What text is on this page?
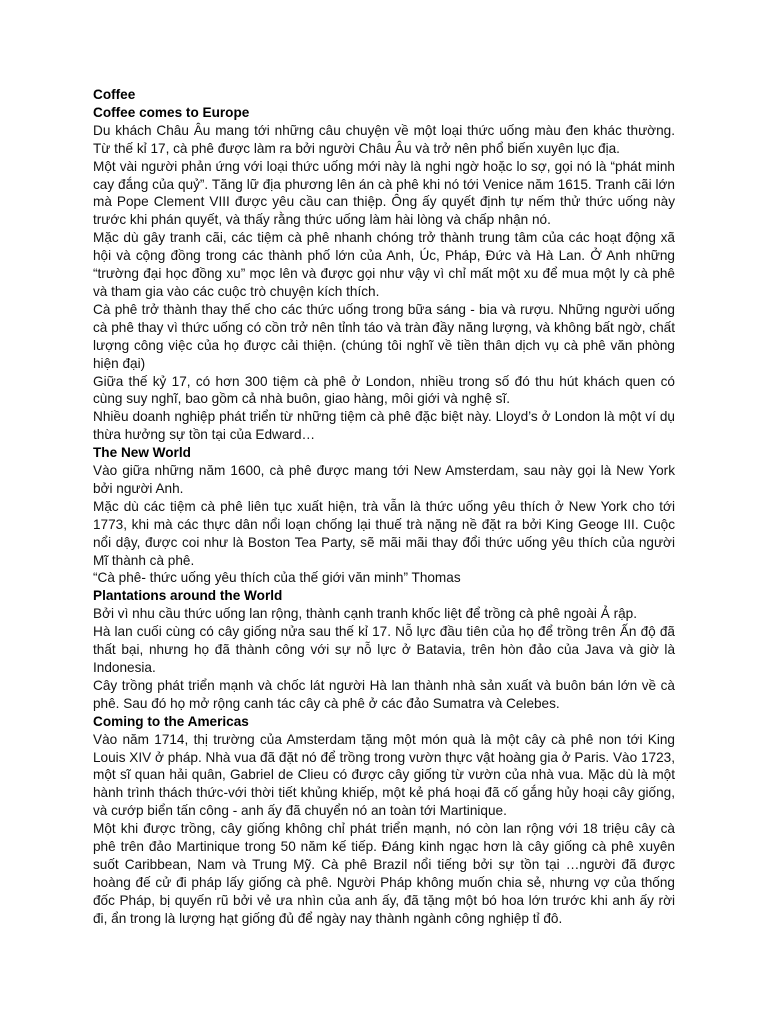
Coffee
Coffee comes to Europe

Du khách Châu Âu mang tới những câu chuyện về một loại thức uống màu đen khác thường. Từ thế kỉ 17, cà phê được làm ra bởi người Châu Âu và trở nên phổ biến xuyên lục địa.

Một vài người phản ứng với loại thức uống mới này là nghi ngờ hoặc lo sợ, gọi nó là “phát minh cay đắng của quỷ”. Tăng lữ địa phương lên án cà phê khi nó tới Venice năm 1615. Tranh cãi lớn mà Pope Clement VIII được yêu cầu can thiệp. Ông ấy quyết định tự nếm thử thức uống này trước khi phán quyết, và thấy rằng thức uống làm hài lòng và chấp nhận nó.

Mặc dù gây tranh cãi, các tiệm cà phê nhanh chóng trở thành trung tâm của các hoạt động xã hội và cộng đồng trong các thành phố lớn của Anh, Úc, Pháp, Đức và Hà Lan. Ở Anh những “trường đại học đồng xu” mọc lên và được gọi như vậy vì chỉ mất một xu để mua một ly cà phê và tham gia vào các cuộc trò chuyện kích thích.

Cà phê trở thành thay thế cho các thức uống trong bữa sáng - bia và rượu. Những người uống cà phê thay vì thức uống có cồn trở nên tỉnh táo và tràn đầy năng lượng, và không bất ngờ, chất lượng công việc của họ được cải thiện. (chúng tôi nghĩ về tiền thân dịch vụ cà phê văn phòng hiện đại)

Giữa thế kỷ 17, có hơn 300 tiệm cà phê ở London, nhiều trong số đó thu hút khách quen có cùng suy nghĩ, bao gồm cả nhà buôn, giao hàng, môi giới và nghệ sĩ.

Nhiều doanh nghiệp phát triển từ những tiệm cà phê đặc biệt này. Lloyd’s ở London là một ví dụ thừa hưởng sự tồn tại của Edward…

The New World

Vào giữa những năm 1600, cà phê được mang tới New Amsterdam, sau này gọi là New York bởi người Anh.

Mặc dù các tiệm cà phê liên tục xuất hiện, trà vẫn là thức uống yêu thích ở New York cho tới 1773, khi mà các thực dân nổi loạn chống lại thuế trà nặng nề đặt ra bởi King Geoge III. Cuộc nổi dậy, được coi như là Boston Tea Party, sẽ mãi mãi thay đổi thức uống yêu thích của người Mĩ thành cà phê.

“Cà phê- thức uống yêu thích của thế giới văn minh” Thomas

Plantations around the World

Bởi vì nhu cầu thức uống lan rộng, thành cạnh tranh khốc liệt để trồng cà phê ngoài Ả rập.

Hà lan cuối cùng có cây giống nửa sau thế kỉ 17. Nỗ lực đầu tiên của họ để trồng trên Ấn độ đã thất bại, nhưng họ đã thành công với sự nỗ lực ở Batavia, trên hòn đảo của Java và giờ là Indonesia.

Cây trồng phát triển mạnh và chốc lát người Hà lan thành nhà sản xuất và buôn bán lớn về cà phê. Sau đó họ mở rộng canh tác cây cà phê ở các đảo Sumatra và Celebes.

Coming to the Americas

Vào năm 1714, thị trường của Amsterdam tặng một món quà là một cây cà phê non tới King Louis XIV ở pháp. Nhà vua đã đặt nó để trồng trong vườn thực vật hoàng gia ở Paris. Vào 1723, một sĩ quan hải quân, Gabriel de Clieu có được cây giống từ vườn của nhà vua. Mặc dù là một hành trình thách thức-với thời tiết khủng khiếp, một kẻ phá hoại đã cố gắng hủy hoại cây giống, và cướp biển tấn công - anh ấy đã chuyển nó an toàn tới Martinique.

Một khi được trồng, cây giống không chỉ phát triển mạnh, nó còn lan rộng với 18 triệu cây cà phê trên đảo Martinique trong 50 năm kế tiếp. Đáng kinh ngạc hơn là cây giống cà phê xuyên suốt Caribbean, Nam và Trung Mỹ. Cà phê Brazil nổi tiếng bởi sự tồn tại …người đã được hoàng đế cử đi pháp lấy giống cà phê. Người Pháp không muốn chia sẻ, nhưng vợ của thống đốc Pháp, bị quyến rũ bởi vẻ ưa nhìn của anh ấy, đã tặng một bó hoa lớn trước khi anh ấy rời đi, ẩn trong là lượng hạt giống đủ để ngày nay thành ngành công nghiệp tỉ đô.
